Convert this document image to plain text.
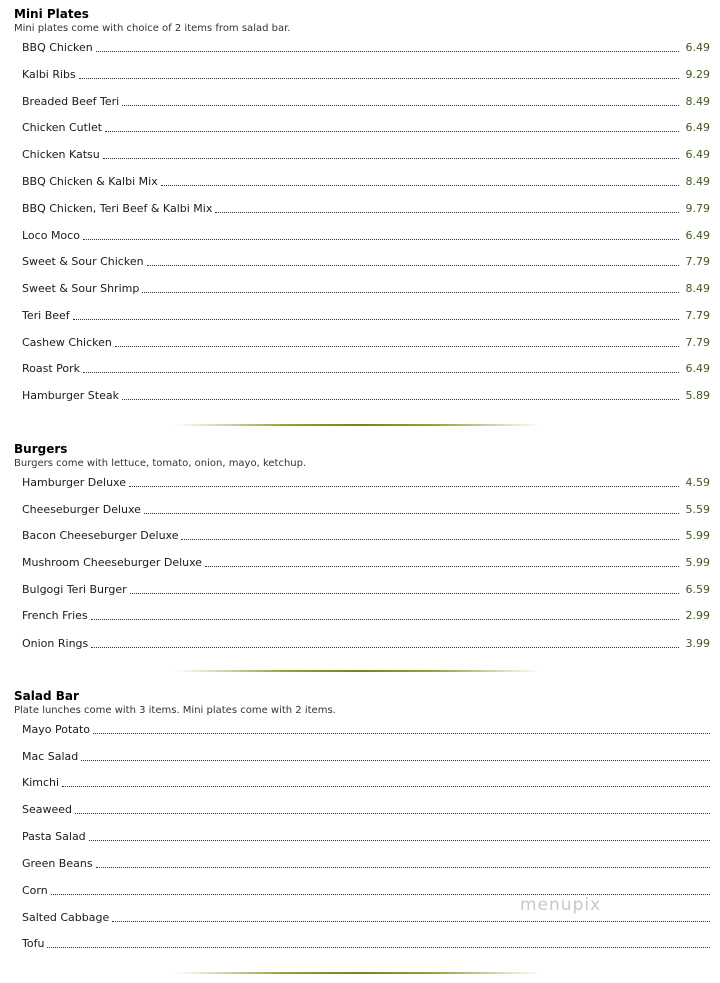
Mini Plates
Mini plates come with choice of 2 items from salad bar.
BBQ Chicken	6.49
Kalbi Ribs	9.29
Breaded Beef Teri	8.49
Chicken Cutlet	6.49
Chicken Katsu	6.49
BBQ Chicken & Kalbi Mix	8.49
BBQ Chicken, Teri Beef & Kalbi Mix	9.79
Loco Moco	6.49
Sweet & Sour Chicken	7.79
Sweet & Sour Shrimp	8.49
Teri Beef	7.79
Cashew Chicken	7.79
Roast Pork	6.49
Hamburger Steak	5.89
Burgers
Burgers come with lettuce, tomato, onion, mayo, ketchup.
Hamburger Deluxe	4.59
Cheeseburger Deluxe	5.59
Bacon Cheeseburger Deluxe	5.99
Mushroom Cheeseburger Deluxe	5.99
Bulgogi Teri Burger	6.59
French Fries	2.99
Onion Rings	3.99
Salad Bar
Plate lunches come with 3 items. Mini plates come with 2 items.
Mayo Potato
Mac Salad
Kimchi
Seaweed
Pasta Salad
Green Beans
Corn
Salted Cabbage
Tofu
menupix
